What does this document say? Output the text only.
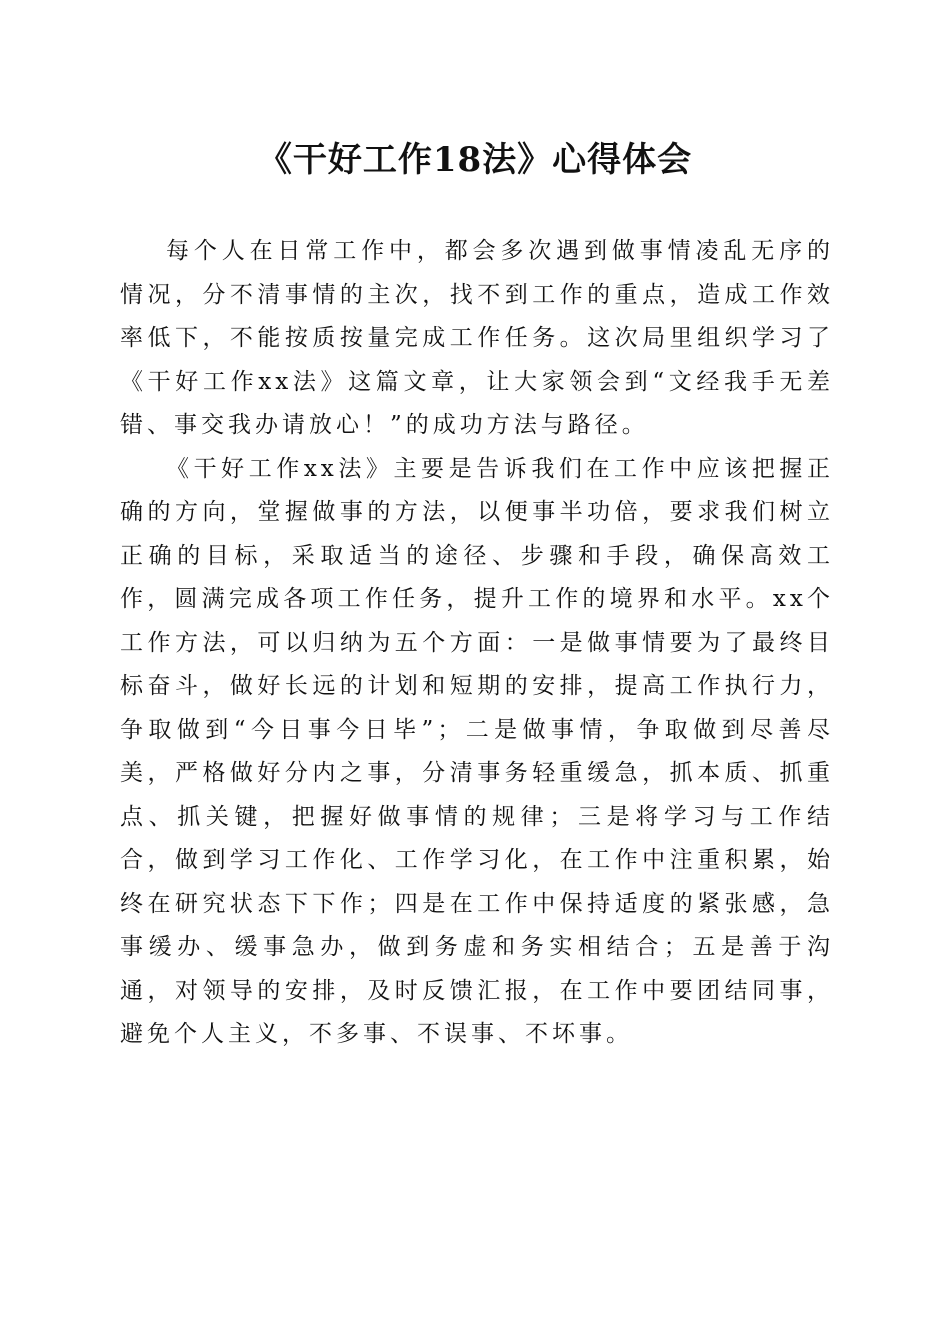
《干好工作18法》心得体会

每个人在日常工作中，都会多次遇到做事情凌乱无序的情况，分不清事情的主次，找不到工作的重点，造成工作效率低下，不能按质按量完成工作任务。这次局里组织学习了《干好工作xx法》这篇文章，让大家领会到“文经我手无差错、事交我办请放心！”的成功方法与路径。

《干好工作xx法》主要是告诉我们在工作中应该把握正确的方向，堂握做事的方法，以便事半功倍，要求我们树立正确的目标，采取适当的途径、步骤和手段，确保高效工作，圆满完成各项工作任务，提升工作的境界和水平。xx个工作方法，可以归纳为五个方面：一是做事情要为了最终目标奋斗，做好长远的计划和短期的安排，提高工作执行力，争取做到“今日事今日毕”；二是做事情，争取做到尽善尽美，严格做好分内之事，分清事务轻重缓急，抓本质、抓重点、抓关键，把握好做事情的规律；三是将学习与工作结合，做到学习工作化、工作学习化，在工作中注重积累，始终在研究状态下下作；四是在工作中保持适度的紧张感，急事缓办、缓事急办，做到务虚和务实相结合；五是善于沟通，对领导的安排，及时反馈汇报，在工作中要团结同事，避免个人主义，不多事、不误事、不坏事。
